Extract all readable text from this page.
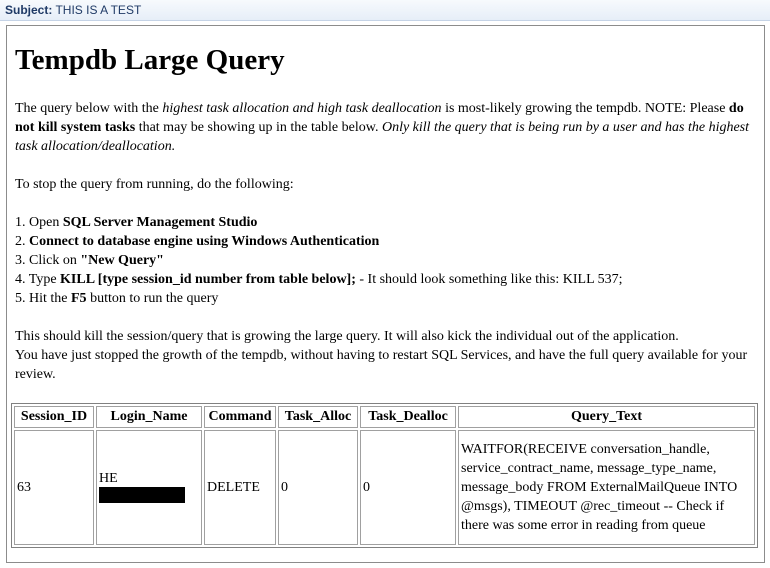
Subject: THIS IS A TEST
Tempdb Large Query

The query below with the highest task allocation and high task deallocation is most-likely growing the tempdb. NOTE: Please do not kill system tasks that may be showing up in the table below. Only kill the query that is being run by a user and has the highest task allocation/deallocation.

To stop the query from running, do the following:

1. Open SQL Server Management Studio
2. Connect to database engine using Windows Authentication
3. Click on "New Query"
4. Type KILL [type session_id number from table below]; - It should look something like this: KILL 537;
5. Hit the F5 button to run the query

This should kill the session/query that is growing the large query. It will also kick the individual out of the application.
You have just stopped the growth of the tempdb, without having to restart SQL Services, and have the full query available for your review.

Session_ID	Login_Name	Command	Task_Alloc	Task_Dealloc	Query_Text
63	HE	DELETE	0	0	WAITFOR(RECEIVE conversation_handle, service_contract_name, message_type_name, message_body FROM ExternalMailQueue INTO @msgs), TIMEOUT @rec_timeout -- Check if there was some error in reading from queue
